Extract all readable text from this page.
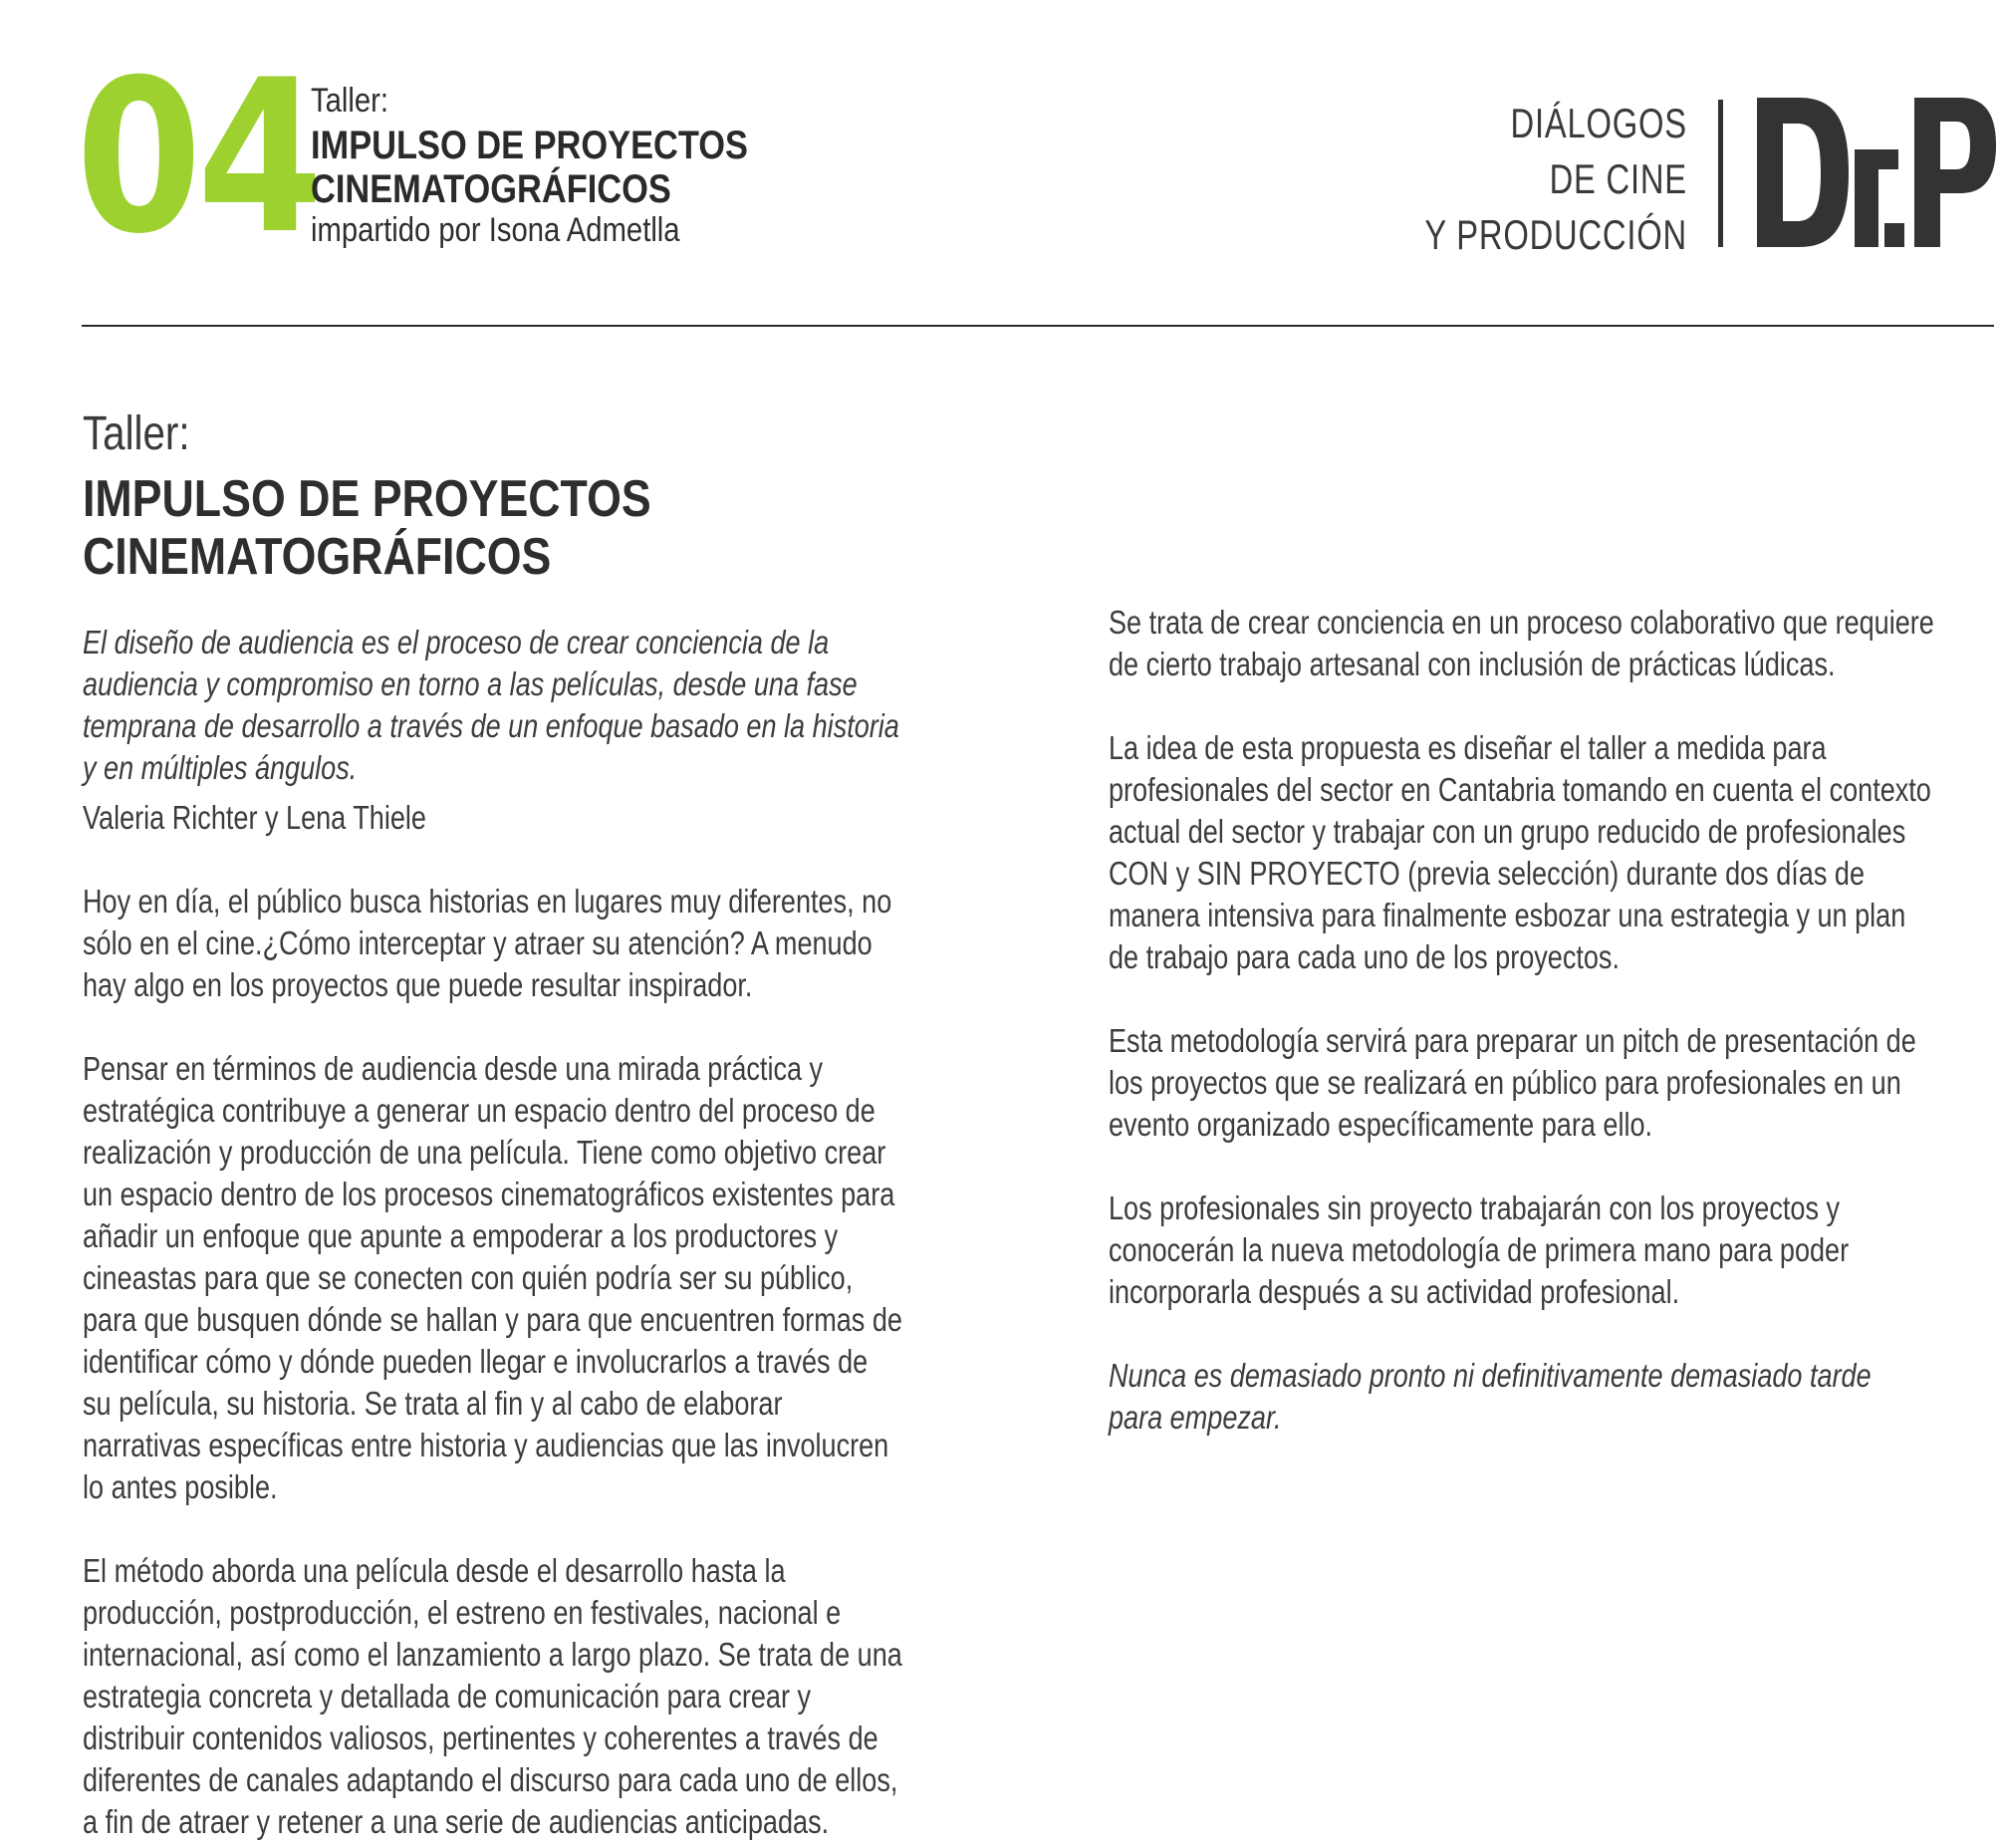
04
Taller:
IMPULSO DE PROYECTOS
CINEMATOGRÁFICOS
impartido por Isona Admetlla
DIÁLOGOS
DE CINE
Y PRODUCCIÓN
Taller:
IMPULSO DE PROYECTOS
CINEMATOGRÁFICOS
El diseño de audiencia es el proceso de crear conciencia de la
audiencia y compromiso en torno a las películas, desde una fase
temprana de desarrollo a través de un enfoque basado en la historia
y en múltiples ángulos.
Valeria Richter y Lena Thiele
Hoy en día, el público busca historias en lugares muy diferentes, no
sólo en el cine.¿Cómo interceptar y atraer su atención? A menudo
hay algo en los proyectos que puede resultar inspirador.
Pensar en términos de audiencia desde una mirada práctica y
estratégica contribuye a generar un espacio dentro del proceso de
realización y producción de una película. Tiene como objetivo crear
un espacio dentro de los procesos cinematográficos existentes para
añadir un enfoque que apunte a empoderar a los productores y
cineastas para que se conecten con quién podría ser su público,
para que busquen dónde se hallan y para que encuentren formas de
identificar cómo y dónde pueden llegar e involucrarlos a través de
su película, su historia. Se trata al fin y al cabo de elaborar
narrativas específicas entre historia y audiencias que las involucren
lo antes posible.
El método aborda una película desde el desarrollo hasta la
producción, postproducción, el estreno en festivales, nacional e
internacional, así como el lanzamiento a largo plazo. Se trata de una
estrategia concreta y detallada de comunicación para crear y
distribuir contenidos valiosos, pertinentes y coherentes a través de
diferentes de canales adaptando el discurso para cada uno de ellos,
a fin de atraer y retener a una serie de audiencias anticipadas.
Se trata de crear conciencia en un proceso colaborativo que requiere
de cierto trabajo artesanal con inclusión de prácticas lúdicas.
La idea de esta propuesta es diseñar el taller a medida para
profesionales del sector en Cantabria tomando en cuenta el contexto
actual del sector y trabajar con un grupo reducido de profesionales
CON y SIN PROYECTO (previa selección) durante dos días de
manera intensiva para finalmente esbozar una estrategia y un plan
de trabajo para cada uno de los proyectos.
Esta metodología servirá para preparar un pitch de presentación de
los proyectos que se realizará en público para profesionales en un
evento organizado específicamente para ello.
Los profesionales sin proyecto trabajarán con los proyectos y
conocerán la nueva metodología de primera mano para poder
incorporarla después a su actividad profesional.
Nunca es demasiado pronto ni definitivamente demasiado tarde
para empezar.
